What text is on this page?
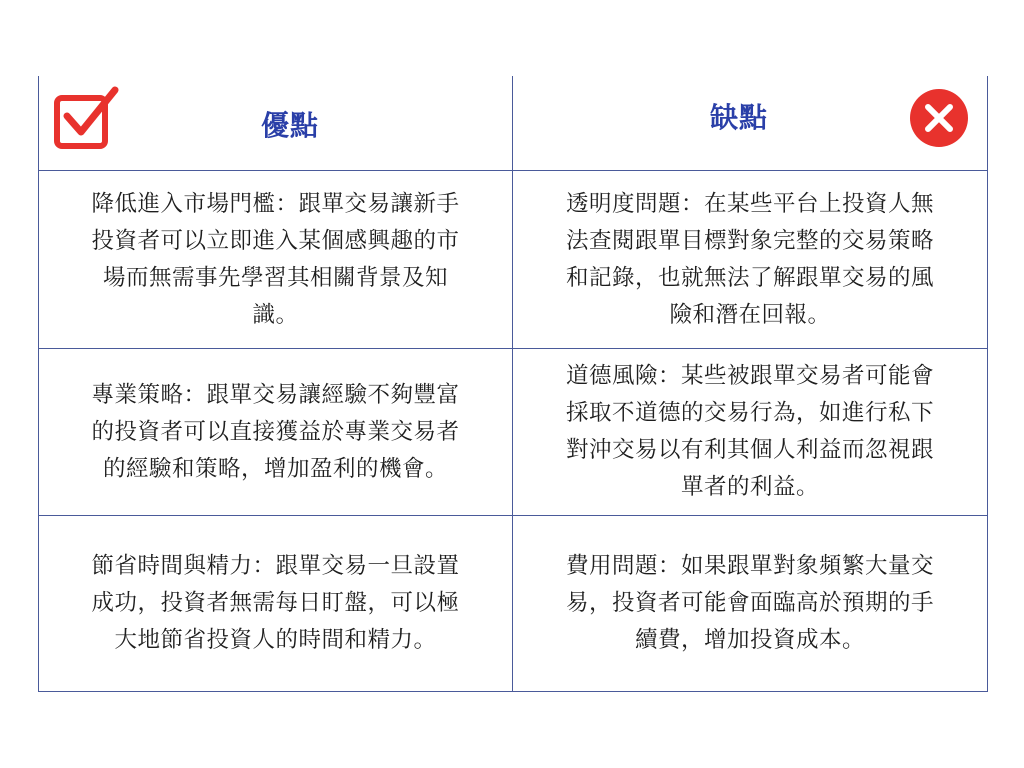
優點	缺點
降低進入市場門檻：跟單交易讓新手投資者可以立即進入某個感興趣的市場而無需事先學習其相關背景及知識。
透明度問題：在某些平台上投資人無法查閱跟單目標對象完整的交易策略和記錄，也就無法了解跟單交易的風險和潛在回報。
專業策略：跟單交易讓經驗不夠豐富的投資者可以直接獲益於專業交易者的經驗和策略，增加盈利的機會。
道德風險：某些被跟單交易者可能會採取不道德的交易行為，如進行私下對沖交易以有利其個人利益而忽視跟單者的利益。
節省時間與精力：跟單交易一旦設置成功，投資者無需每日盯盤，可以極大地節省投資人的時間和精力。
費用問題：如果跟單對象頻繁大量交易，投資者可能會面臨高於預期的手續費，增加投資成本。
